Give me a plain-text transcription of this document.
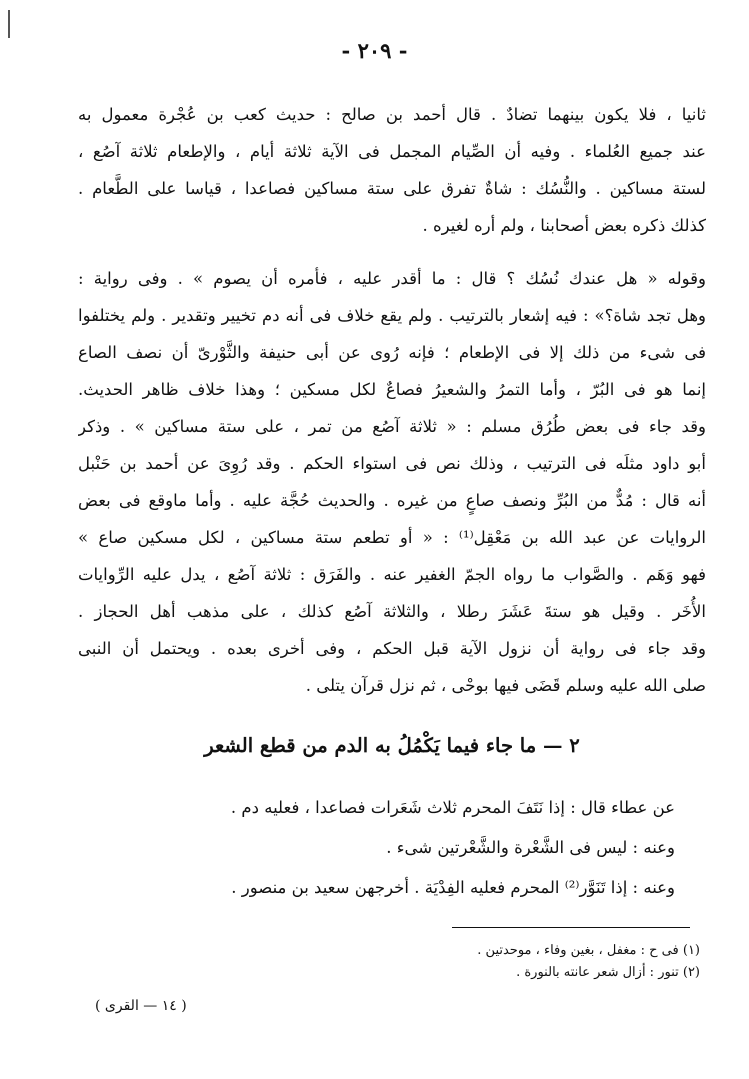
- ٢٠٩ -
ثانيا ، فلا يكون بينهما تضادٌ . قال أحمد بن صالح : حديث كعب بن عُجْرة معمول به
عند جميع العُلماء . وفيه أن الصِّيام المجمل فى الآية ثلاثة أيام ، والإطعام ثلاثة آصُع ،
لستة مساكين . والنُّسُك : شاةٌ تفرق على ستة مساكين فصاعدا ، قياسا على الطَّعام .
كذلك ذكره بعض أصحابنا ، ولم أره لغيره .
وقوله « هل عندك نُسُك ؟ قال : ما أقدر عليه ، فأمره أن يصوم » . وفى رواية :
وهل تجد شاة؟» : فيه إشعار بالترتيب . ولم يقع خلاف فى أنه دم تخيير وتقدير . ولم يختلفوا
فى شىء من ذلك إلا فى الإطعام ؛ فإنه رُوى عن أبى حنيفة والثَّوْرىّ أن نصف الصاع
إنما هو فى البُرّ ، وأما التمرُ والشعيرُ فصاعٌ لكل مسكين ؛ وهذا خلاف ظاهر الحديث.
وقد جاء فى بعض طُرُق مسلم : « ثلاثة آصُع من تمر ، على ستة مساكين » . وذكر
أبو داود مثلَه فى الترتيب ، وذلك نص فى استواء الحكم . وقد رُوِىَ عن أحمد بن حَنْبل
أنه قال : مُدٌّ من البُرِّ ونصف صاعٍ من غيره . والحديث حُجَّة عليه . وأما ماوقع فى بعض
الروايات عن عبد الله بن مَعْقِل⁽¹⁾ : « أو تطعم ستة مساكين ، لكل مسكين صاع »
فهو وَهَم . والصَّواب ما رواه الجمّ الغفير عنه . والفَرَق : ثلاثة آصُع ، يدل عليه الرِّوايات
الأُخَر . وقيل هو ستةَ عَشَرَ رطلا ، والثلاثة آصُع كذلك ، على مذهب أهل الحجاز .
وقد جاء فى رواية أن نزول الآية قبل الحكم ، وفى أخرى بعده . ويحتمل أن النبى
صلى الله عليه وسلم قَضَى فيها بوحْى ، ثم نزل قرآن يتلى .
٢ — ما جاء فيما يَكْمُلُ به الدم من قطع الشعر
عن عطاء قال : إذا نَتَفَ المحرم ثلاث شَعَرات فصاعدا ، فعليه دم .
وعنه : ليس فى الشَّعْرة والشَّعْرتين شىء .
وعنه : إذا تَنَوَّر⁽²⁾ المحرم فعليه الفِدْيَة . أخرجهن سعيد بن منصور .
(١) فى ح : مغفل ، بغين وفاء ، موحدتين .
(٢) تنور : أزال شعر عانته بالنورة .
( ١٤ — القرى )
